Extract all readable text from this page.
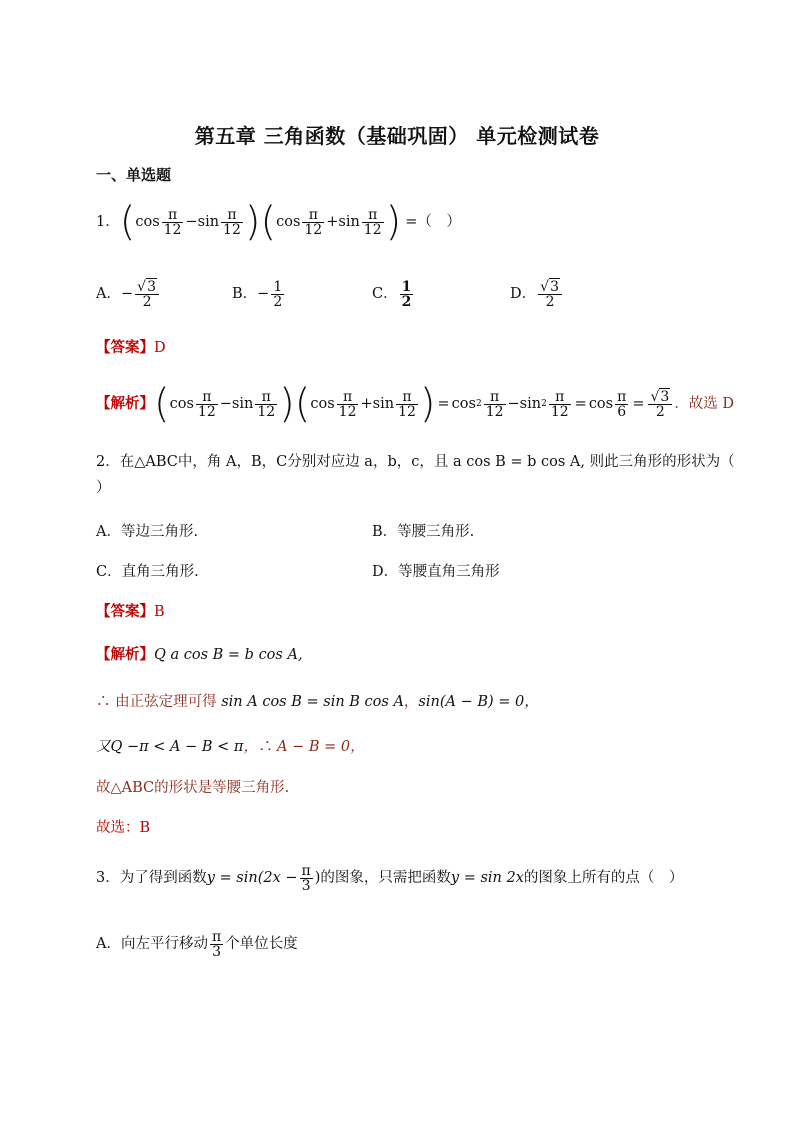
第五章 三角函数（基础巩固） 单元检测试卷
一、单选题
1． ( $\cos \frac{\pi}{12} - \sin \frac{\pi}{12}$ ) ( $\cos \frac{\pi}{12} + \sin \frac{\pi}{12}$ ) =（　）
A． − $\frac{√3}{2}$	B． − $\frac{1}{2}$	C． $\frac{1}{2}$	D． $\frac{√3}{2}$
【答案】D
【解析】 ( $\cos \frac{\pi}{12} - \sin \frac{\pi}{12}$ ) ( $\cos \frac{\pi}{12} + \sin \frac{\pi}{12}$ ) = $\cos 2 \frac{\pi}{12} - \sin 2 \frac{\pi}{12} = \cos \frac{\pi}{6} = \frac{√3}{2}$ ．故选 D
2．在△ABC中，角 A，B，C分别对应边 a，b，c，且 a cos B = b cos A, 则此三角形的形状为（
）
A．等边三角形.	B．等腰三角形.
C．直角三角形.	D．等腰直角三角形
【答案】B
【解析】Q a cos B = b cos A,
∴ 由正弦定理可得 sin A cos B = sin B cos A，sin(A − B) = 0，
又Q −π < A − B < π，∴ A − B = 0，
故△ABC的形状是等腰三角形.
故选：B
3．为了得到函数 $y = \sin(2x - \frac{\pi}{3}$ )的图象，只需把函数 y = sin 2x 的图象上所有的点（　）
A．向左平行移动 $\frac{\pi}{3}$ 个单位长度
